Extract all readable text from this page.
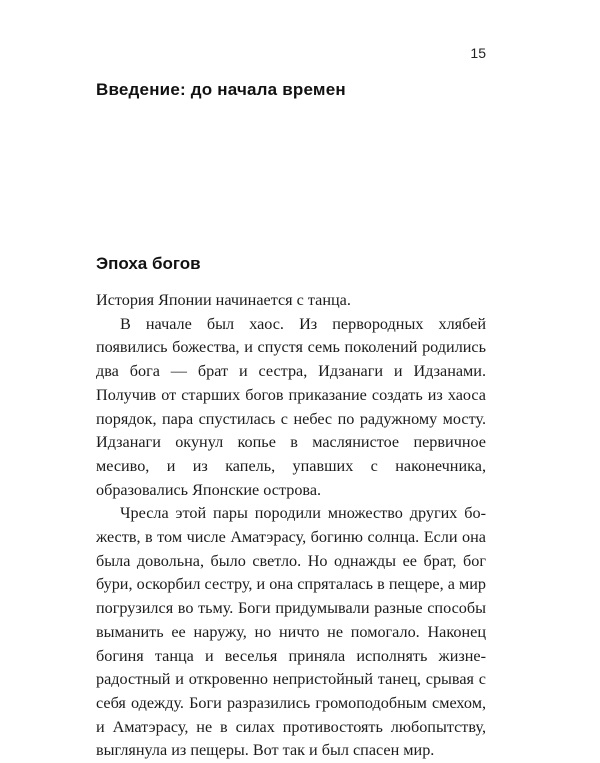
15
Введение: до начала времен
Эпоха богов

История Японии начинается с танца.

В начале был хаос. Из первородных хлябей появились божества, и спустя семь поколений родились два бога — брат и сестра, Идзанаги и Идзанами. Получив от старших богов приказание создать из хаоса порядок, пара спустилась с небес по радужному мосту. Идзанаги окунул копье в маслянистое первичное месиво, и из капель, упавших с наконечника, образовались Японские острова.

Чресла этой пары породили множество других божеств, в том числе Аматэрасу, богиню солнца. Если она была довольна, было светло. Но однажды ее брат, бог бури, оскорбил сестру, и она спряталась в пещере, а мир погрузился во тьму. Боги придумывали разные способы выманить ее наружу, но ничто не помогало. Наконец богиня танца и веселья приняла исполнять жизнерадостный и откровенно непристойный танец, срывая с себя одежду. Боги разразились громоподобным смехом, и Аматэрасу, не в силах противостоять любопытству, выглянула из пещеры. Вот так и был спасен мир.
